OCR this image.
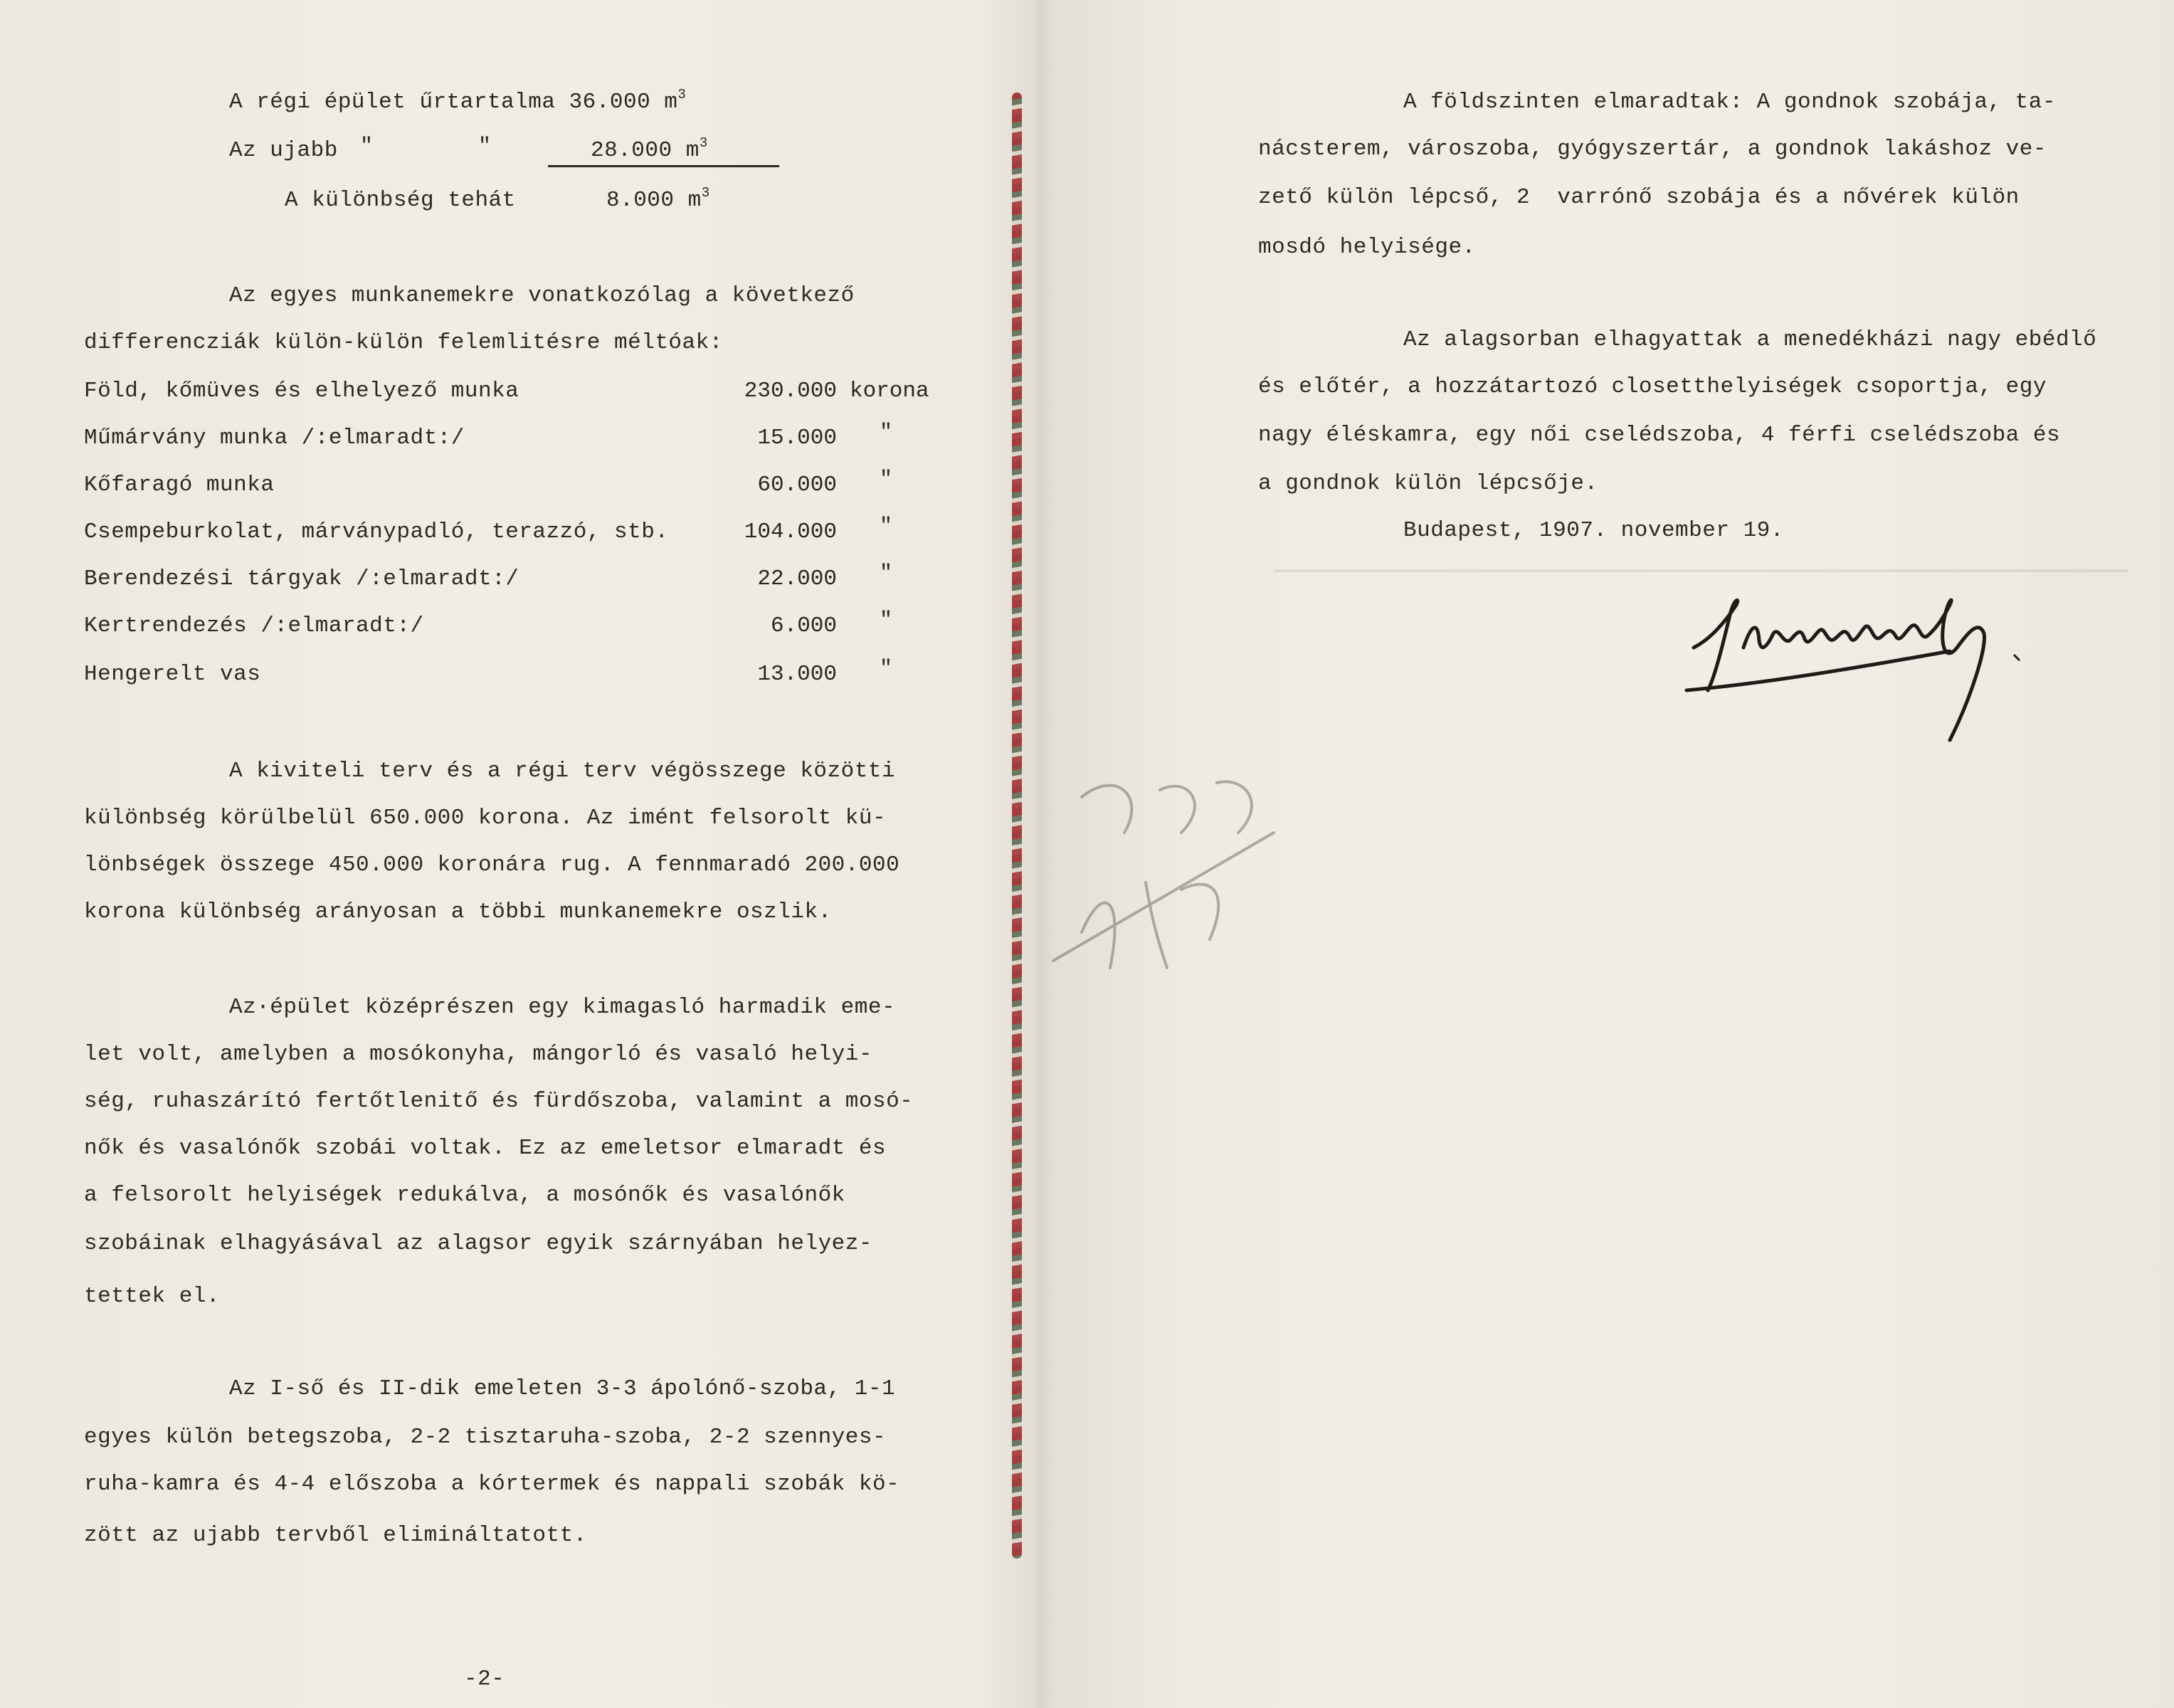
A régi épület űrtartalma 36.000 $m^3$
Az ujabb ″	″	28.000 $m^3$
A különbség tehát	8.000 $m^3$
Az egyes munkanemekre vonatkozólag a következő
differencziák külön-külön felemlitésre méltóak:
Föld, kőmüves és elhelyező munka	230.000 korona
Műmárvány munka /:elmaradt:/	15.000 ″
Kőfaragó munka	60.000 ″
Csempeburkolat, márványpadló, terazzó, stb.	104.000 ″
Berendezési tárgyak /:elmaradt:/	22.000 ″
Kertrendezés /:elmaradt:/	6.000 ″
Hengerelt vas	13.000 ″
A kiviteli terv és a régi terv végösszege közötti
különbség körülbelül 650.000 korona. Az imént felsorolt kü-
lönbségek összege 450.000 koronára rug. A fennmaradó 200.000
korona különbség arányosan a többi munkanemekre oszlik.
Az·épület középrészen egy kimagasló harmadik eme-
let volt, amelyben a mosókonyha, mángorló és vasaló helyi-
ség, ruhaszárító fertőtlenitő és fürdőszoba, valamint a mosó-
nők és vasalónők szobái voltak. Ez az emeletsor elmaradt és
a felsorolt helyiségek redukálva, a mosónők és vasalónők
szobáinak elhagyásával az alagsor egyik szárnyában helyez-
tettek el.
Az I-ső és II-dik emeleten 3-3 ápolónő-szoba, 1-1
egyes külön betegszoba, 2-2 tisztaruha-szoba, 2-2 szennyes-
ruha-kamra és 4-4 előszoba a kórtermek és nappali szobák kö-
zött az ujabb tervből elimináltatott.
-2-
A földszinten elmaradtak: A gondnok szobája, ta-
nácsterem, városzoba, gyógyszertár, a gondnok lakáshoz ve-
zető külön lépcső, 2  varrónő szobája és a nővérek külön
mosdó helyisége.
Az alagsorban elhagyattak a menedékházi nagy ebédlő
és előtér, a hozzátartozó closetthelyiségek csoportja, egy
nagy éléskamra, egy női cselédszoba, 4 férfi cselédszoba és
a gondnok külön lépcsője.
Budapest, 1907. november 19.
